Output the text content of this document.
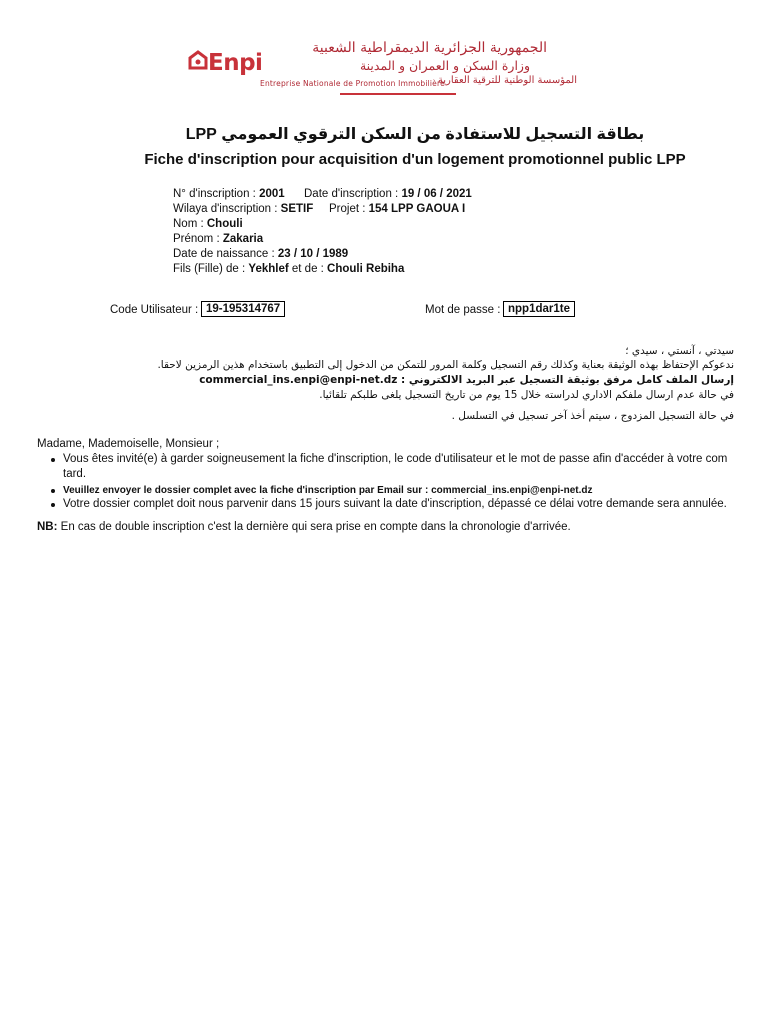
Enpi
الجمهورية الجزائرية الديمقراطية الشعبية
وزارة السكن و العمران و المدينة
Entreprise Nationale de Promotion Immobilière
المؤسسة الوطنية للترقية العقارية
بطاقة التسجيل للاستفادة من السكن الترقوي العمومي LPP
Fiche d'inscription pour acquisition d'un logement promotionnel public LPP
N° d'inscription : 2001 Date d'inscription : 19 / 06 / 2021
Wilaya d'inscription : SETIF Projet : 154 LPP GAOUA I
Nom : Chouli
Prénom : Zakaria
Date de naissance : 23 / 10 / 1989
Fils (Fille) de : Yekhlef et de : Chouli Rebiha
Code Utilisateur : 19-195314767	Mot de passe : npp1dar1te
سيدتي ، آنستي ، سيدي ؛
ندعوكم الإحتفاظ بهذه الوثيقة بعناية وكذلك رقم التسجيل وكلمة المرور للتمكن من الدخول إلى التطبيق باستخدام هذين الرمزين لاحقا.
إرسال الملف كامل مرفق بوثيقة التسجيل عبر البريد الالكتروني : commercial_ins.enpi@enpi-net.dz
في حالة عدم ارسال ملفكم الاداري لدراسته خلال 15 يوم من تاريخ التسجيل يلغى طلبكم تلقائيا.
في حالة التسجيل المزدوج ، سيتم أخذ آخر تسجيل في التسلسل .
Madame, Mademoiselle, Monsieur ;
Vous êtes invité(e) à garder soigneusement la fiche d'inscription, le code d'utilisateur et le mot de passe afin d'accéder à votre com
tard.
Veuillez envoyer le dossier complet avec la fiche d'inscription par Email sur : commercial_ins.enpi@enpi-net.dz
Votre dossier complet doit nous parvenir dans 15 jours suivant la date d'inscription, dépassé ce délai votre demande sera annulée.
NB: En cas de double inscription c'est la dernière qui sera prise en compte dans la chronologie d'arrivée.
